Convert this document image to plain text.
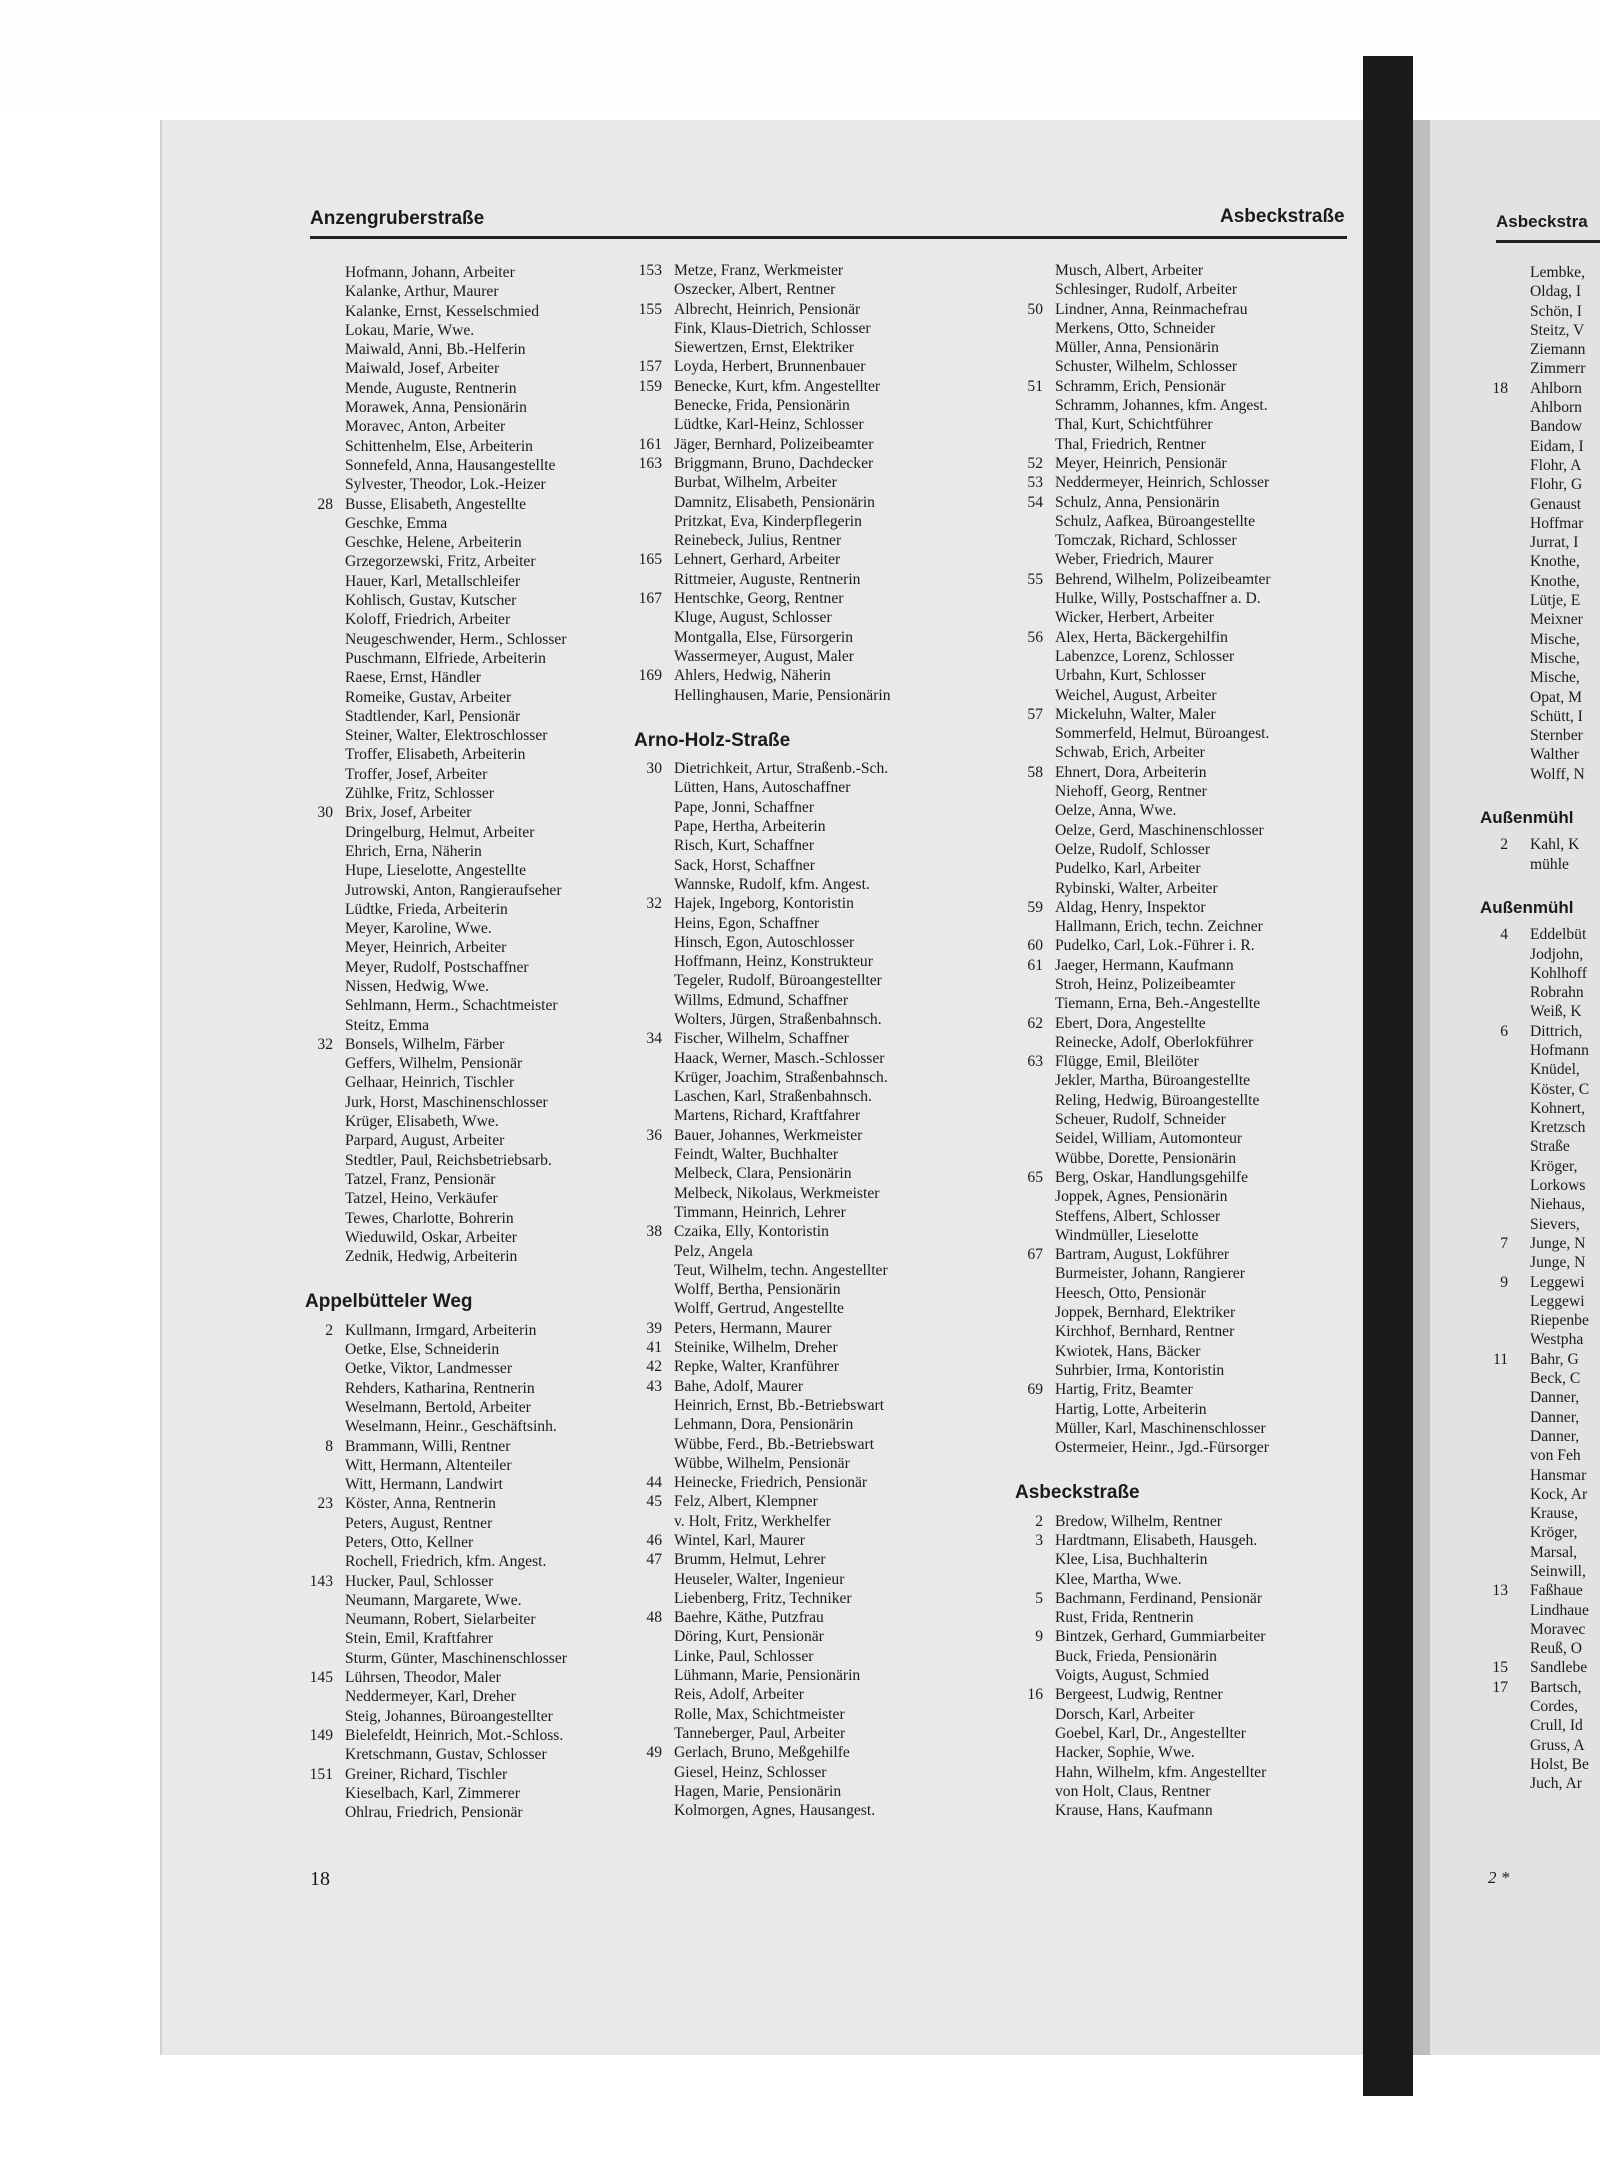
Anzengruberstraße	Asbeckstraße	Asbeckstra
Hofmann, Johann, Arbeiter
Kalanke, Arthur, Maurer
Kalanke, Ernst, Kesselschmied
Lokau, Marie, Wwe.
Maiwald, Anni, Bb.-Helferin
Maiwald, Josef, Arbeiter
Mende, Auguste, Rentnerin
Morawek, Anna, Pensionärin
Moravec, Anton, Arbeiter
Schittenhelm, Else, Arbeiterin
Sonnefeld, Anna, Hausangestellte
Sylvester, Theodor, Lok.-Heizer
28 Busse, Elisabeth, Angestellte
Geschke, Emma
Geschke, Helene, Arbeiterin
Grzegorzewski, Fritz, Arbeiter
Hauer, Karl, Metallschleifer
Kohlisch, Gustav, Kutscher
Koloff, Friedrich, Arbeiter
Neugeschwender, Herm., Schlosser
Puschmann, Elfriede, Arbeiterin
Raese, Ernst, Händler
Romeike, Gustav, Arbeiter
Stadtlender, Karl, Pensionär
Steiner, Walter, Elektroschlosser
Troffer, Elisabeth, Arbeiterin
Troffer, Josef, Arbeiter
Zühlke, Fritz, Schlosser
30 Brix, Josef, Arbeiter
Dringelburg, Helmut, Arbeiter
Ehrich, Erna, Näherin
Hupe, Lieselotte, Angestellte
Jutrowski, Anton, Rangieraufseher
Lüdtke, Frieda, Arbeiterin
Meyer, Karoline, Wwe.
Meyer, Heinrich, Arbeiter
Meyer, Rudolf, Postschaffner
Nissen, Hedwig, Wwe.
Sehlmann, Herm., Schachtmeister
Steitz, Emma
32 Bonsels, Wilhelm, Färber
Geffers, Wilhelm, Pensionär
Gelhaar, Heinrich, Tischler
Jurk, Horst, Maschinenschlosser
Krüger, Elisabeth, Wwe.
Parpard, August, Arbeiter
Stedtler, Paul, Reichsbetriebsarb.
Tatzel, Franz, Pensionär
Tatzel, Heino, Verkäufer
Tewes, Charlotte, Bohrerin
Wieduwild, Oskar, Arbeiter
Zednik, Hedwig, Arbeiterin
Appelbütteler Weg
2 Kullmann, Irmgard, Arbeiterin
Oetke, Else, Schneiderin
Oetke, Viktor, Landmesser
Rehders, Katharina, Rentnerin
Weselmann, Bertold, Arbeiter
Weselmann, Heinr., Geschäftsinh.
8 Brammann, Willi, Rentner
Witt, Hermann, Altenteiler
Witt, Hermann, Landwirt
23 Köster, Anna, Rentnerin
Peters, August, Rentner
Peters, Otto, Kellner
Rochell, Friedrich, kfm. Angest.
143 Hucker, Paul, Schlosser
Neumann, Margarete, Wwe.
Neumann, Robert, Sielarbeiter
Stein, Emil, Kraftfahrer
Sturm, Günter, Maschinenschlosser
145 Lührsen, Theodor, Maler
Neddermeyer, Karl, Dreher
Steig, Johannes, Büroangestellter
149 Bielefeldt, Heinrich, Mot.-Schloss.
Kretschmann, Gustav, Schlosser
151 Greiner, Richard, Tischler
Kieselbach, Karl, Zimmerer
Ohlrau, Friedrich, Pensionär
153 Metze, Franz, Werkmeister
Oszecker, Albert, Rentner
155 Albrecht, Heinrich, Pensionär
Fink, Klaus-Dietrich, Schlosser
Siewertzen, Ernst, Elektriker
157 Loyda, Herbert, Brunnenbauer
159 Benecke, Kurt, kfm. Angestellter
Benecke, Frida, Pensionärin
Lüdtke, Karl-Heinz, Schlosser
161 Jäger, Bernhard, Polizeibeamter
163 Briggmann, Bruno, Dachdecker
Burbat, Wilhelm, Arbeiter
Damnitz, Elisabeth, Pensionärin
Pritzkat, Eva, Kinderpflegerin
Reinebeck, Julius, Rentner
165 Lehnert, Gerhard, Arbeiter
Rittmeier, Auguste, Rentnerin
167 Hentschke, Georg, Rentner
Kluge, August, Schlosser
Montgalla, Else, Fürsorgerin
Wassermeyer, August, Maler
169 Ahlers, Hedwig, Näherin
Hellinghausen, Marie, Pensionärin
Arno-Holz-Straße
30 Dietrichkeit, Artur, Straßenb.-Sch.
Lütten, Hans, Autoschaffner
Pape, Jonni, Schaffner
Pape, Hertha, Arbeiterin
Risch, Kurt, Schaffner
Sack, Horst, Schaffner
Wannske, Rudolf, kfm. Angest.
32 Hajek, Ingeborg, Kontoristin
Heins, Egon, Schaffner
Hinsch, Egon, Autoschlosser
Hoffmann, Heinz, Konstrukteur
Tegeler, Rudolf, Büroangestellter
Willms, Edmund, Schaffner
Wolters, Jürgen, Straßenbahnsch.
34 Fischer, Wilhelm, Schaffner
Haack, Werner, Masch.-Schlosser
Krüger, Joachim, Straßenbahnsch.
Laschen, Karl, Straßenbahnsch.
Martens, Richard, Kraftfahrer
36 Bauer, Johannes, Werkmeister
Feindt, Walter, Buchhalter
Melbeck, Clara, Pensionärin
Melbeck, Nikolaus, Werkmeister
Timmann, Heinrich, Lehrer
38 Czaika, Elly, Kontoristin
Pelz, Angela
Teut, Wilhelm, techn. Angestellter
Wolff, Bertha, Pensionärin
Wolff, Gertrud, Angestellte
39 Peters, Hermann, Maurer
41 Steinike, Wilhelm, Dreher
42 Repke, Walter, Kranführer
43 Bahe, Adolf, Maurer
Heinrich, Ernst, Bb.-Betriebswart
Lehmann, Dora, Pensionärin
Wübbe, Ferd., Bb.-Betriebswart
Wübbe, Wilhelm, Pensionär
44 Heinecke, Friedrich, Pensionär
45 Felz, Albert, Klempner
v. Holt, Fritz, Werkhelfer
46 Wintel, Karl, Maurer
47 Brumm, Helmut, Lehrer
Heuseler, Walter, Ingenieur
Liebenberg, Fritz, Techniker
48 Baehre, Käthe, Putzfrau
Döring, Kurt, Pensionär
Linke, Paul, Schlosser
Lühmann, Marie, Pensionärin
Reis, Adolf, Arbeiter
Rolle, Max, Schichtmeister
Tanneberger, Paul, Arbeiter
49 Gerlach, Bruno, Meßgehilfe
Giesel, Heinz, Schlosser
Hagen, Marie, Pensionärin
Kolmorgen, Agnes, Hausangest.
Musch, Albert, Arbeiter
Schlesinger, Rudolf, Arbeiter
50 Lindner, Anna, Reinmachefrau
Merkens, Otto, Schneider
Müller, Anna, Pensionärin
Schuster, Wilhelm, Schlosser
51 Schramm, Erich, Pensionär
Schramm, Johannes, kfm. Angest.
Thal, Kurt, Schichtführer
Thal, Friedrich, Rentner
52 Meyer, Heinrich, Pensionär
53 Neddermeyer, Heinrich, Schlosser
54 Schulz, Anna, Pensionärin
Schulz, Aafkea, Büroangestellte
Tomczak, Richard, Schlosser
Weber, Friedrich, Maurer
55 Behrend, Wilhelm, Polizeibeamter
Hulke, Willy, Postschaffner a. D.
Wicker, Herbert, Arbeiter
56 Alex, Herta, Bäckergehilfin
Labenzce, Lorenz, Schlosser
Urbahn, Kurt, Schlosser
Weichel, August, Arbeiter
57 Mickeluhn, Walter, Maler
Sommerfeld, Helmut, Büroangest.
Schwab, Erich, Arbeiter
58 Ehnert, Dora, Arbeiterin
Niehoff, Georg, Rentner
Oelze, Anna, Wwe.
Oelze, Gerd, Maschinenschlosser
Oelze, Rudolf, Schlosser
Pudelko, Karl, Arbeiter
Rybinski, Walter, Arbeiter
59 Aldag, Henry, Inspektor
Hallmann, Erich, techn. Zeichner
60 Pudelko, Carl, Lok.-Führer i. R.
61 Jaeger, Hermann, Kaufmann
Stroh, Heinz, Polizeibeamter
Tiemann, Erna, Beh.-Angestellte
62 Ebert, Dora, Angestellte
Reinecke, Adolf, Oberlokführer
63 Flügge, Emil, Bleilöter
Jekler, Martha, Büroangestellte
Reling, Hedwig, Büroangestellte
Scheuer, Rudolf, Schneider
Seidel, William, Automonteur
Wübbe, Dorette, Pensionärin
65 Berg, Oskar, Handlungsgehilfe
Joppek, Agnes, Pensionärin
Steffens, Albert, Schlosser
Windmüller, Lieselotte
67 Bartram, August, Lokführer
Burmeister, Johann, Rangierer
Heesch, Otto, Pensionär
Joppek, Bernhard, Elektriker
Kirchhof, Bernhard, Rentner
Kwiotek, Hans, Bäcker
Suhrbier, Irma, Kontoristin
69 Hartig, Fritz, Beamter
Hartig, Lotte, Arbeiterin
Müller, Karl, Maschinenschlosser
Ostermeier, Heinr., Jgd.-Fürsorger
Asbeckstraße
2 Bredow, Wilhelm, Rentner
3 Hardtmann, Elisabeth, Hausgeh.
Klee, Lisa, Buchhalterin
Klee, Martha, Wwe.
5 Bachmann, Ferdinand, Pensionär
Rust, Frida, Rentnerin
9 Bintzek, Gerhard, Gummiarbeiter
Buck, Frieda, Pensionärin
Voigts, August, Schmied
16 Bergeest, Ludwig, Rentner
Dorsch, Karl, Arbeiter
Goebel, Karl, Dr., Angestellter
Hacker, Sophie, Wwe.
Hahn, Wilhelm, kfm. Angestellter
von Holt, Claus, Rentner
Krause, Hans, Kaufmann
Lembke,
Oldag, I
Schön, I
Steitz, V
Ziemann
Zimmerr
18 Ahlborn
Ahlborn
Bandow
Eidam, I
Flohr, A
Flohr, G
Genaust
Hoffmar
Jurrat, I
Knothe,
Knothe,
Lütje, E
Meixner
Mische,
Mische,
Mische,
Opat, M
Schütt, I
Sternber
Walther
Wolff, N
Außenmühl
2 Kahl, K
mühle
Außenmühl
4 Eddelbüt
Jodjohn,
Kohlhoff
Robrahn
Weiß, K
6 Dittrich,
Hofmann
Knüdel,
Köster, C
Kohnert,
Kretzsch
Straße
Kröger,
Lorkows
Niehaus,
Sievers,
7 Junge, N
Junge, N
9 Leggewi
Leggewi
Riepenbe
Westpha
11 Bahr, G
Beck, C
Danner,
Danner,
Danner,
von Feh
Hansmar
Kock, Ar
Krause,
Kröger,
Marsal,
Seinwill,
13 Faßhaue
Lindhaue
Moravec
Reuß, O
15 Sandlebe
17 Bartsch,
Cordes,
Crull, Id
Gruss, A
Holst, Be
Juch, Ar
18	2 *
